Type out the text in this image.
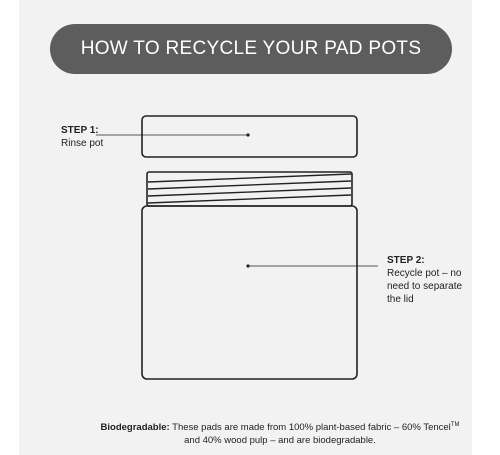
HOW TO RECYCLE YOUR PAD POTS
STEP 1:
Rinse pot
STEP 2:
Recycle pot – no need to separate the lid
Biodegradable: These pads are made from 100% plant-based fabric – 60% Tencel™ and 40% wood pulp – and are biodegradable.
